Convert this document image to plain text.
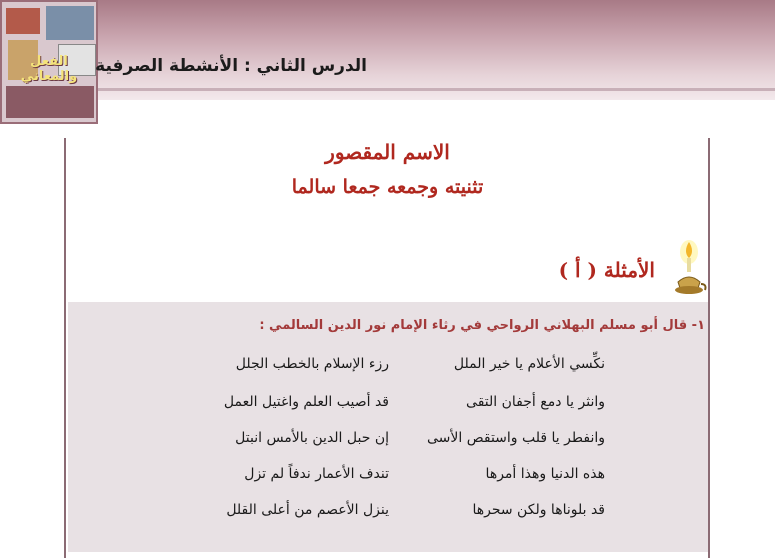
الفعل والمعاني
الدرس الثاني : الأنشطة الصرفية
الاسم المقصور
تثنيته وجمعه جمعا سالما
الأمثلة ( أ )
١- قال أبو مسلم البهلاني الرواحي في رثاء الإمام نور الدين السالمي :
نكِّسي الأعلام يا خير الملل
رزء الإسلام بالخطب الجلل
وانثر يا دمع أجفان التقى
قد أصيب العلم واغتيل العمل
وانفطر يا قلب واستقص الأسى
إن حبل الدين بالأمس انبتل
هذه الدنيا وهذا أمرها
تندف الأعمار ندفاً لم تزل
قد بلوناها ولكن سحرها
ينزل الأعصم من أعلى القلل
